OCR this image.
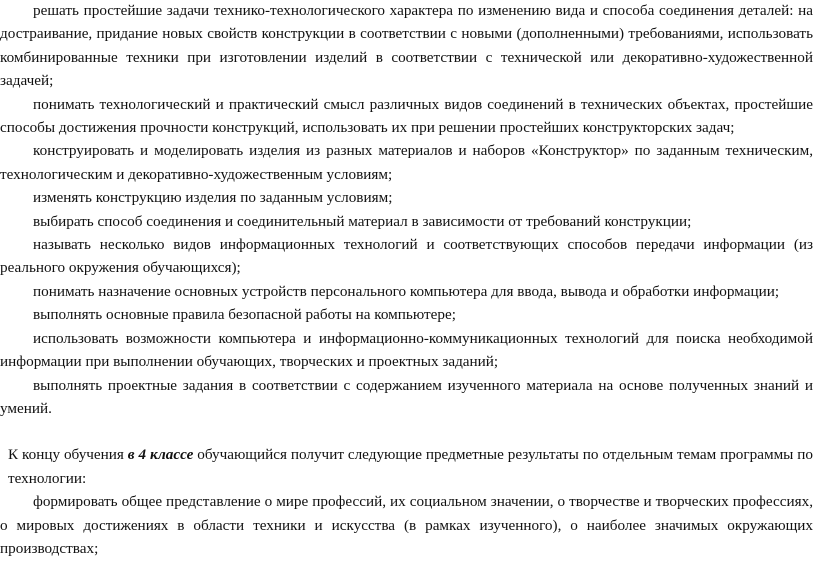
решать простейшие задачи технико-технологического характера по изменению вида и способа соединения деталей: на достраивание, придание новых свойств конструкции в соответствии с новыми (дополненными) требованиями, использовать комбинированные техники при изготовлении изделий в соответствии с технической или декоративно-художественной задачей;

понимать технологический и практический смысл различных видов соединений в технических объектах, простейшие способы достижения прочности конструкций, использовать их при решении простейших конструкторских задач;

конструировать и моделировать изделия из разных материалов и наборов «Конструктор» по заданным техническим, технологическим и декоративно-художественным условиям;

изменять конструкцию изделия по заданным условиям;

выбирать способ соединения и соединительный материал в зависимости от требований конструкции;

называть несколько видов информационных технологий и соответствующих способов передачи информации (из реального окружения обучающихся);

понимать назначение основных устройств персонального компьютера для ввода, вывода и обработки информации;

выполнять основные правила безопасной работы на компьютере;

использовать возможности компьютера и информационно-коммуникационных технологий для поиска необходимой информации при выполнении обучающих, творческих и проектных заданий;

выполнять проектные задания в соответствии с содержанием изученного материала на основе полученных знаний и умений.

К концу обучения в 4 классе обучающийся получит следующие предметные результаты по отдельным темам программы по технологии:

формировать общее представление о мире профессий, их социальном значении, о творчестве и творческих профессиях, о мировых достижениях в области техники и искусства (в рамках изученного), о наиболее значимых окружающих производствах;
